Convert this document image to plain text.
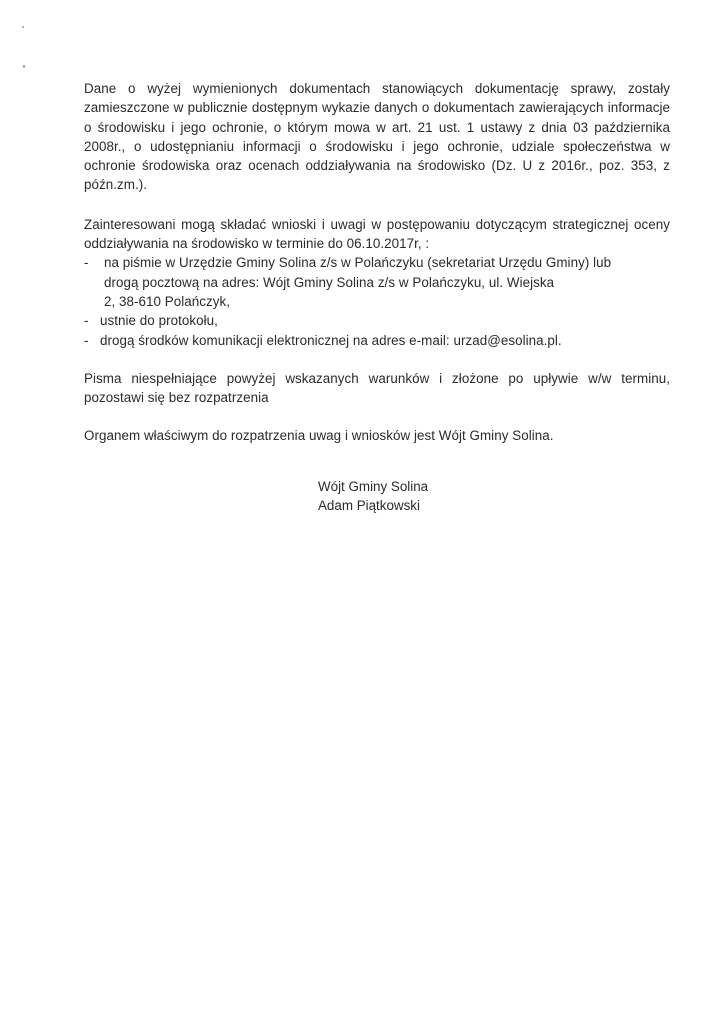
Dane o wyżej wymienionych dokumentach stanowiących dokumentację sprawy, zostały zamieszczone w publicznie dostępnym wykazie danych o dokumentach zawierających informacje o środowisku i jego ochronie, o którym mowa w art. 21 ust. 1 ustawy z dnia 03 października 2008r., o udostępnianiu informacji o środowisku i jego ochronie, udziale społeczeństwa w ochronie środowiska oraz ocenach oddziaływania na środowisko (Dz. U z 2016r., poz. 353, z późn.zm.).

Zainteresowani mogą składać wnioski i uwagi w postępowaniu dotyczącym strategicznej oceny oddziaływania na środowisko w terminie do 06.10.2017r, :

- na piśmie w Urzędzie Gminy Solina z/s w Polańczyku (sekretariat Urzędu Gminy) lub
drogą pocztową na adres: Wójt Gminy Solina z/s w Polańczyku, ul. Wiejska
2, 38-610 Polańczyk,
- ustnie do protokołu,
- drogą środków komunikacji elektronicznej na adres e-mail: urzad@esolina.pl.

Pisma niespełniające powyżej wskazanych warunków i złożone po upływie w/w terminu, pozostawi się bez rozpatrzenia

Organem właściwym do rozpatrzenia uwag i wniosków jest Wójt Gminy Solina.

Wójt Gminy Solina
Adam Piątkowski
